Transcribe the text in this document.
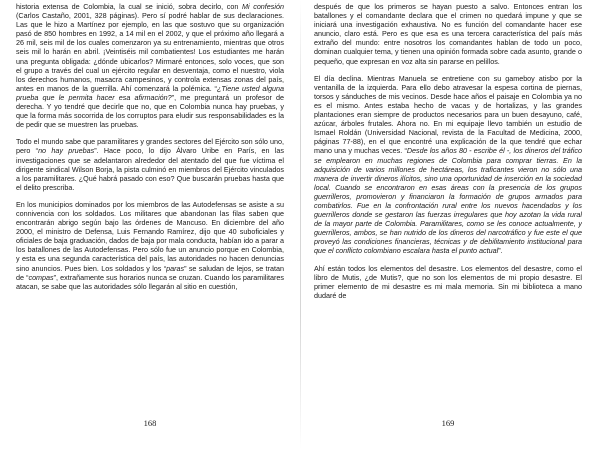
historia extensa de Colombia, la cual se inició, sobra decirlo, con Mi confesión (Carlos Castaño, 2001, 328 páginas). Pero sí podré hablar de sus declaraciones. Las que le hizo a Martínez por ejemplo, en las que sostuvo que su organización pasó de 850 hombres en 1992, a 14 mil en el 2002, y que el próximo año llegará a 26 mil, seis mil de los cuales comenzaron ya su entrenamiento, mientras que otros seis mil lo harán en abril. ¡Veintiséis mil combatientes! Los estudiantes me harán una pregunta obligada: ¿dónde ubicarlos? Mirmaré entonces, solo voces, que son el grupo a través del cual un ejército regular en desventaja, como el nuestro, viola los derechos humanos, masacra campesinos, y controla extensas zonas del país, antes en manos de la guerrilla. Ahí comenzará la polémica. “¿Tiene usted alguna prueba que le permita hacer esa afirmación?”, me preguntará un profesor de derecha. Y yo tendré que decirle que no, que en Colombia nunca hay pruebas, y que la forma más socorrida de los corruptos para eludir sus responsabilidades es la de pedir que se muestren las pruebas.

Todo el mundo sabe que paramilitares y grandes sectores del Ejército son sólo uno, pero “no hay pruebas”. Hace poco, lo dijo Álvaro Uribe en París, en las investigaciones que se adelantaron alrededor del atentado del que fue víctima el dirigente sindical Wilson Borja, la pista culminó en miembros del Ejército vinculados a los paramilitares. ¿Qué habrá pasado con eso? Que buscarán pruebas hasta que el delito prescriba.

En los municipios dominados por los miembros de las Autodefensas se asiste a su connivencia con los soldados. Los militares que abandonan las filas saben que encontrarán abrigo según bajo las órdenes de Mancuso. En diciembre del año 2000, el ministro de Defensa, Luis Fernando Ramírez, dijo que 40 suboficiales y oficiales de baja graduación, dados de baja por mala conducta, habían ido a parar a los batallones de las Autodefensas. Pero sólo fue un anuncio porque en Colombia, y esta es una segunda característica del país, las autoridades no hacen denuncias sino anuncios. Pues bien. Los soldados y los “paras” se saludan de lejos, se tratan de “compas”, extrañamente sus horarios nunca se cruzan. Cuando los paramilitares atacan, se sabe que las autoridades sólo llegarán al sitio en cuestión,

168

después de que los primeros se hayan puesto a salvo. Entonces entran los batallones y el comandante declara que el crimen no quedará impune y que se iniciará una investigación exhaustiva. No es función del comandante hacer ese anuncio, claro está. Pero es que esa es una tercera característica del país más extraño del mundo: entre nosotros los comandantes hablan de todo un poco, dominan cualquier tema, y tienen una opinión formada sobre cada asunto, grande o pequeño, que expresan en voz alta sin pararse en pelillos.

El día declina. Mientras Manuela se entretiene con su gameboy atisbo por la ventanilla de la izquierda. Para ello debo atravesar la espesa cortina de piernas, torsos y sánduches de mis vecinos. Desde hace años el paisaje en Colombia ya no es el mismo. Antes estaba hecho de vacas y de hortalizas, y las grandes plantaciones eran siempre de productos necesarios para un buen desayuno, café, azúcar, árboles frutales. Ahora no. En mi equipaje llevo también un estudio de Ismael Roldán (Universidad Nacional, revista de la Facultad de Medicina, 2000, páginas 77-88), en el que encontré una explicación de la que tendré que echar mano una y muchas veces. “Desde los años 80 - escribe él -, los dineros del tráfico se emplearon en muchas regiones de Colombia para comprar tierras. En la adquisición de varios millones de hectáreas, los traficantes vieron no sólo una manera de invertir dineros ilícitos, sino una oportunidad de inserción en la sociedad local. Cuando se encontraron en esas áreas con la presencia de los grupos guerrilleros, promovieron y financiaron la formación de grupos armados para combatirlos. Fue en la confrontación rural entre los nuevos hacendados y los guerrilleros donde se gestaron las fuerzas irregulares que hoy azotan la vida rural de la mayor parte de Colombia. Paramilitares, como se les conoce actualmente, y guerrilleros, ambos, se han nutrido de los dineros del narcotráfico y fue este el que proveyó las condiciones financieras, técnicas y de debilitamiento institucional para que el conflicto colombiano escalara hasta el punto actual”.

Ahí están todos los elementos del desastre. Los elementos del desastre, como el libro de Mutis, ¿de Mutis?, que no son los elementos de mi propio desastre. El primer elemento de mi desastre es mi mala memoria. Sin mi biblioteca a mano dudaré de

169
